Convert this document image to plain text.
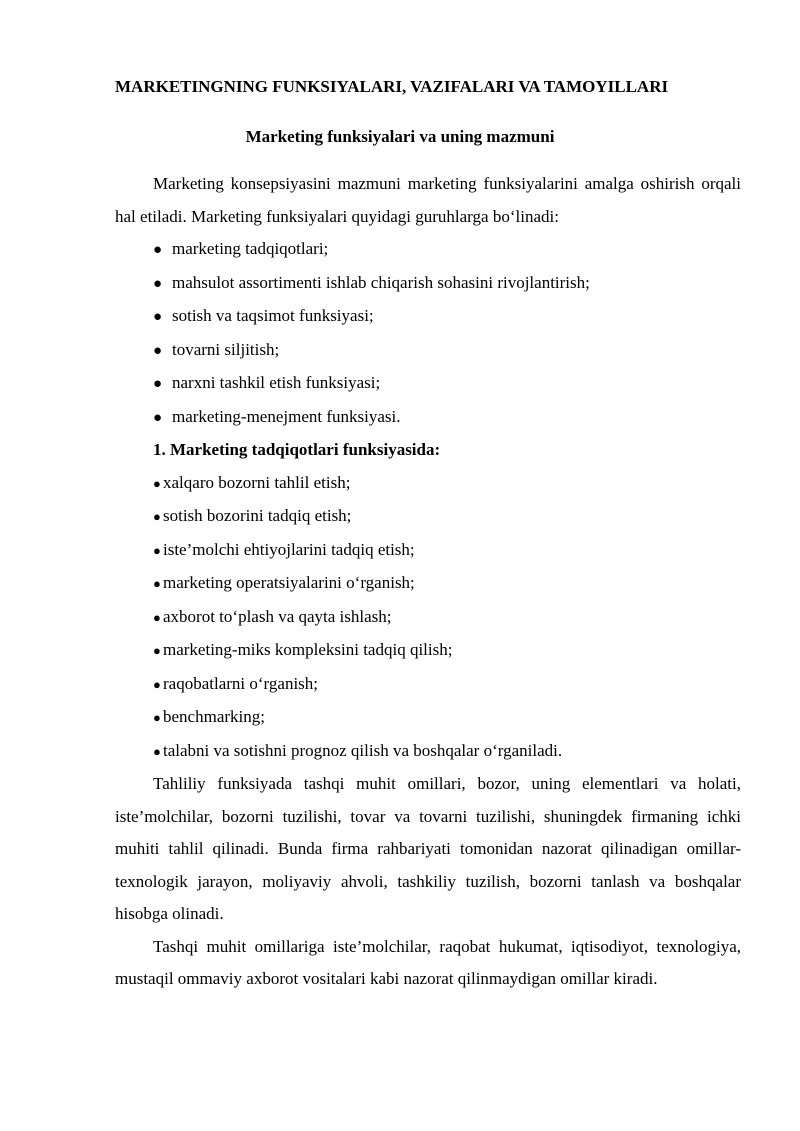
MARKETINGNING FUNKSIYALARI, VAZIFALARI VA TAMOYILLARI
Marketing funksiyalari va uning mazmuni

Marketing konsepsiyasini mazmuni marketing funksiyalarini amalga oshirish orqali hal etiladi. Marketing funksiyalari quyidagi guruhlarga bo‘linadi:

● marketing tadqiqotlari;
● mahsulot assortimenti ishlab chiqarish sohasini rivojlantirish;
● sotish va taqsimot funksiyasi;
● tovarni siljitish;
● narxni tashkil etish funksiyasi;
● marketing-menejment funksiyasi.

1. Marketing tadqiqotlari funksiyasida:

● xalqaro bozorni tahlil etish;
● sotish bozorini tadqiq etish;
● iste’molchi ehtiyojlarini tadqiq etish;
● marketing operatsiyalarini o‘rganish;
● axborot to‘plash va qayta ishlash;
● marketing-miks kompleksini tadqiq qilish;
● raqobatlarni o‘rganish;
● benchmarking;
● talabni va sotishni prognoz qilish va boshqalar o‘rganiladi.

Tahliliy funksiyada tashqi muhit omillari, bozor, uning elementlari va holati, iste’molchilar, bozorni tuzilishi, tovar va tovarni tuzilishi, shuningdek firmaning ichki muhiti tahlil qilinadi. Bunda firma rahbariyati tomonidan nazorat qilinadigan omillar- texnologik jarayon, moliyaviy ahvoli, tashkiliy tuzilish, bozorni tanlash va boshqalar hisobga olinadi.

Tashqi muhit omillariga iste’molchilar, raqobat hukumat, iqtisodiyot, texnologiya, mustaqil ommaviy axborot vositalari kabi nazorat qilinmaydigan omillar kiradi.
